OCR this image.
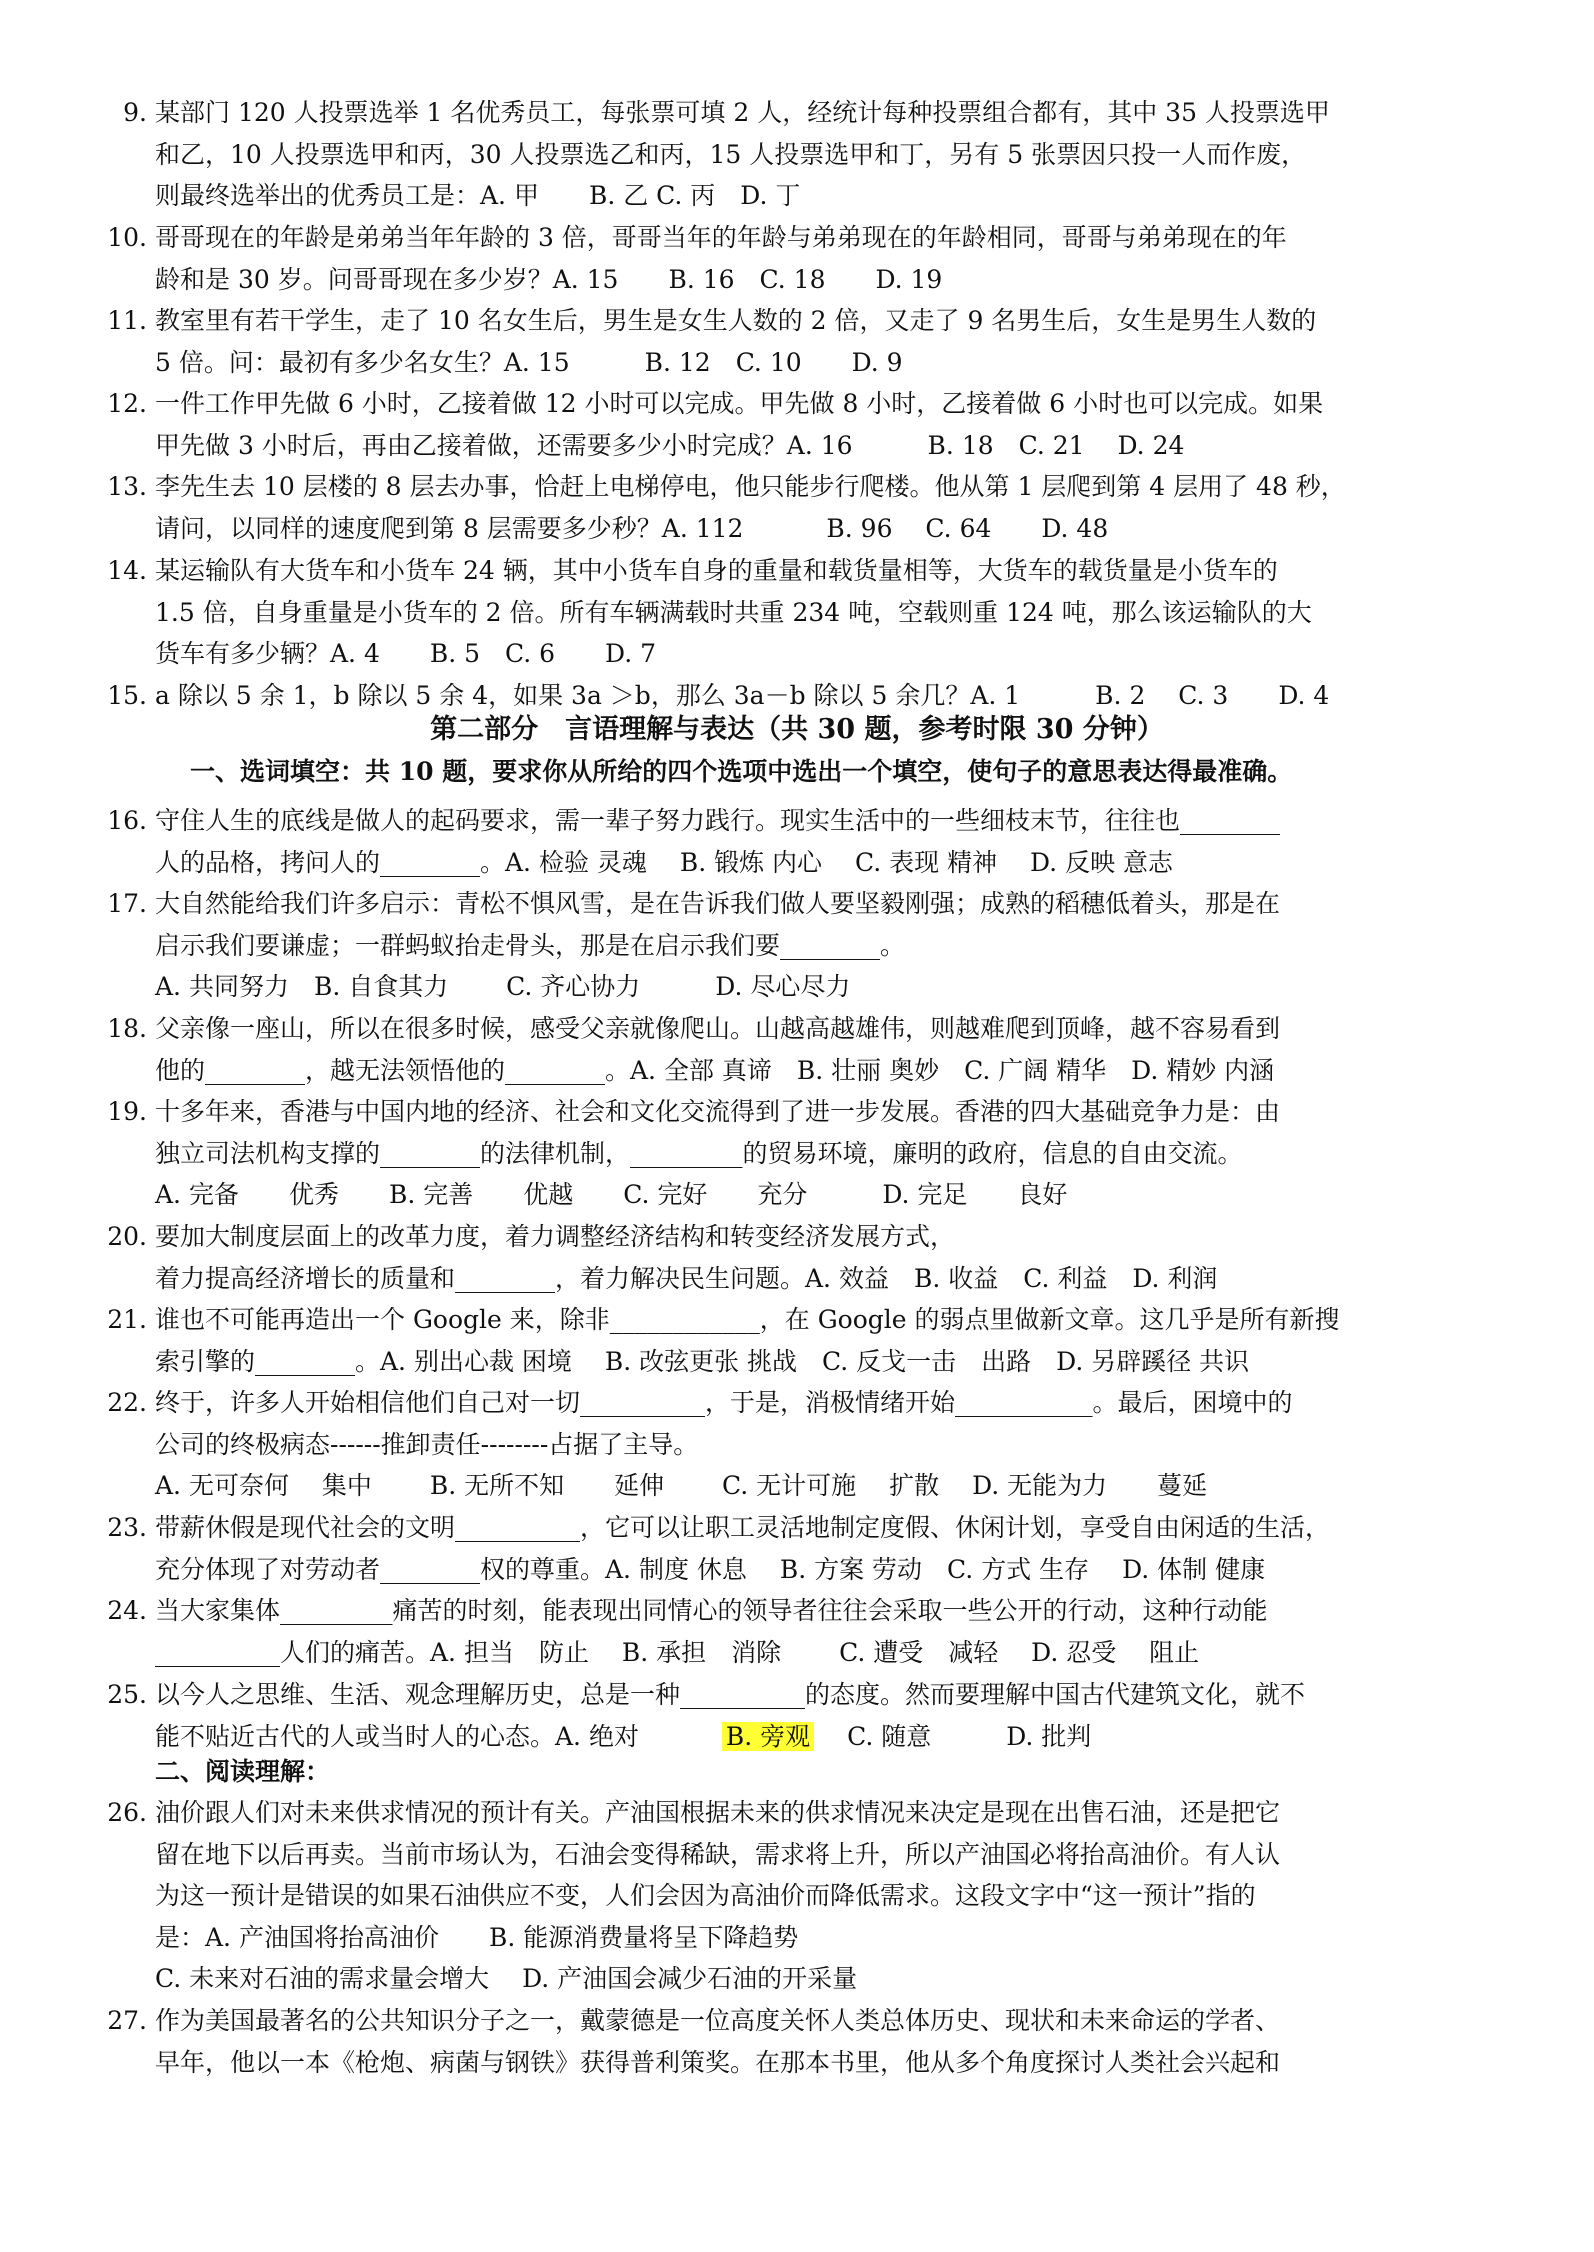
9. 某部门 120 人投票选举 1 名优秀员工，每张票可填 2 人，经统计每种投票组合都有，其中 35 人投票选甲
和乙，10 人投票选甲和丙，30 人投票选乙和丙，15 人投票选甲和丁，另有 5 张票因只投一人而作废，
则最终选举出的优秀员工是：A. 甲　　B. 乙 C. 丙　D. 丁
10. 哥哥现在的年龄是弟弟当年年龄的 3 倍，哥哥当年的年龄与弟弟现在的年龄相同，哥哥与弟弟现在的年
龄和是 30 岁。问哥哥现在多少岁？A. 15　　B. 16　C. 18　　D. 19
11. 教室里有若干学生，走了 10 名女生后，男生是女生人数的 2 倍，又走了 9 名男生后，女生是男生人数的
5 倍。问：最初有多少名女生？A. 15　　　B. 12　C. 10　　D. 9
12. 一件工作甲先做 6 小时，乙接着做 12 小时可以完成。甲先做 8 小时，乙接着做 6 小时也可以完成。如果
甲先做 3 小时后，再由乙接着做，还需要多少小时完成？A. 16　　　B. 18　C. 21　 D. 24
13. 李先生去 10 层楼的 8 层去办事，恰赶上电梯停电，他只能步行爬楼。他从第 1 层爬到第 4 层用了 48 秒，
请问，以同样的速度爬到第 8 层需要多少秒？A. 112　　　 B. 96　 C. 64　　D. 48
14. 某运输队有大货车和小货车 24 辆，其中小货车自身的重量和载货量相等，大货车的载货量是小货车的
1.5 倍，自身重量是小货车的 2 倍。所有车辆满载时共重 234 吨，空载则重 124 吨，那么该运输队的大
货车有多少辆？A. 4　　B. 5　C. 6　　D. 7
15. a 除以 5 余 1，b 除以 5 余 4，如果 3a ＞b，那么 3a－b 除以 5 余几？A. 1　　　B. 2　 C. 3　　D. 4
第二部分　言语理解与表达（共 30 题，参考时限 30 分钟）
一、选词填空：共 10 题，要求你从所给的四个选项中选出一个填空，使句子的意思表达得最准确。
16. 守住人生的底线是做人的起码要求，需一辈子努力践行。现实生活中的一些细枝末节，往往也________
人的品格，拷问人的________。A. 检验 灵魂　 B. 锻炼 内心　 C. 表现 精神　 D. 反映 意志
17. 大自然能给我们许多启示：青松不惧风雪，是在告诉我们做人要坚毅刚强；成熟的稻穗低着头，那是在
启示我们要谦虚；一群蚂蚁抬走骨头，那是在启示我们要________。
A. 共同努力　B. 自食其力　　 C. 齐心协力　　　D. 尽心尽力
18. 父亲像一座山，所以在很多时候，感受父亲就像爬山。山越高越雄伟，则越难爬到顶峰，越不容易看到
他的________，越无法领悟他的________。A. 全部 真谛　B. 壮丽 奥妙　C. 广阔 精华　D. 精妙 内涵
19. 十多年来，香港与中国内地的经济、社会和文化交流得到了进一步发展。香港的四大基础竞争力是：由
独立司法机构支撑的________的法律机制，_________的贸易环境，廉明的政府，信息的自由交流。
A. 完备　　优秀　　B. 完善　　优越　　C. 完好　　充分　　　D. 完足　　良好
20. 要加大制度层面上的改革力度，着力调整经济结构和转变经济发展方式，
着力提高经济增长的质量和________，着力解决民生问题。A. 效益　B. 收益　C. 利益　D. 利润
21. 谁也不可能再造出一个 Google 来，除非____________，在 Google 的弱点里做新文章。这几乎是所有新搜
索引擎的________。A. 别出心裁 困境　 B. 改弦更张 挑战　C. 反戈一击　出路　D. 另辟蹊径 共识
22. 终于，许多人开始相信他们自己对一切__________，于是，消极情绪开始___________。最后，困境中的
公司的终极病态------推卸责任--------占据了主导。
A. 无可奈何　 集中　　 B. 无所不知　　延伸　　 C. 无计可施　 扩散　 D. 无能为力　　蔓延
23. 带薪休假是现代社会的文明__________，它可以让职工灵活地制定度假、休闲计划，享受自由闲适的生活，
充分体现了对劳动者________权的尊重。A. 制度 休息　 B. 方案 劳动　C. 方式 生存　 D. 体制 健康
24. 当大家集体_________痛苦的时刻，能表现出同情心的领导者往往会采取一些公开的行动，这种行动能
__________人们的痛苦。A. 担当　防止　 B. 承担　消除　　 C. 遭受　减轻　 D. 忍受　 阻止
25. 以今人之思维、生活、观念理解历史，总是一种__________的态度。然而要理解中国古代建筑文化，就不
能不贴近古代的人或当时人的心态。A. 绝对　　　 B. 旁观　 C. 随意　　　D. 批判
二、阅读理解：
26. 油价跟人们对未来供求情况的预计有关。产油国根据未来的供求情况来决定是现在出售石油，还是把它
留在地下以后再卖。当前市场认为，石油会变得稀缺，需求将上升，所以产油国必将抬高油价。有人认
为这一预计是错误的如果石油供应不变，人们会因为高油价而降低需求。这段文字中“这一预计”指的
是：A. 产油国将抬高油价　　B. 能源消费量将呈下降趋势
C. 未来对石油的需求量会增大　 D. 产油国会减少石油的开采量
27. 作为美国最著名的公共知识分子之一，戴蒙德是一位高度关怀人类总体历史、现状和未来命运的学者、
早年，他以一本《枪炮、病菌与钢铁》获得普利策奖。在那本书里，他从多个角度探讨人类社会兴起和
